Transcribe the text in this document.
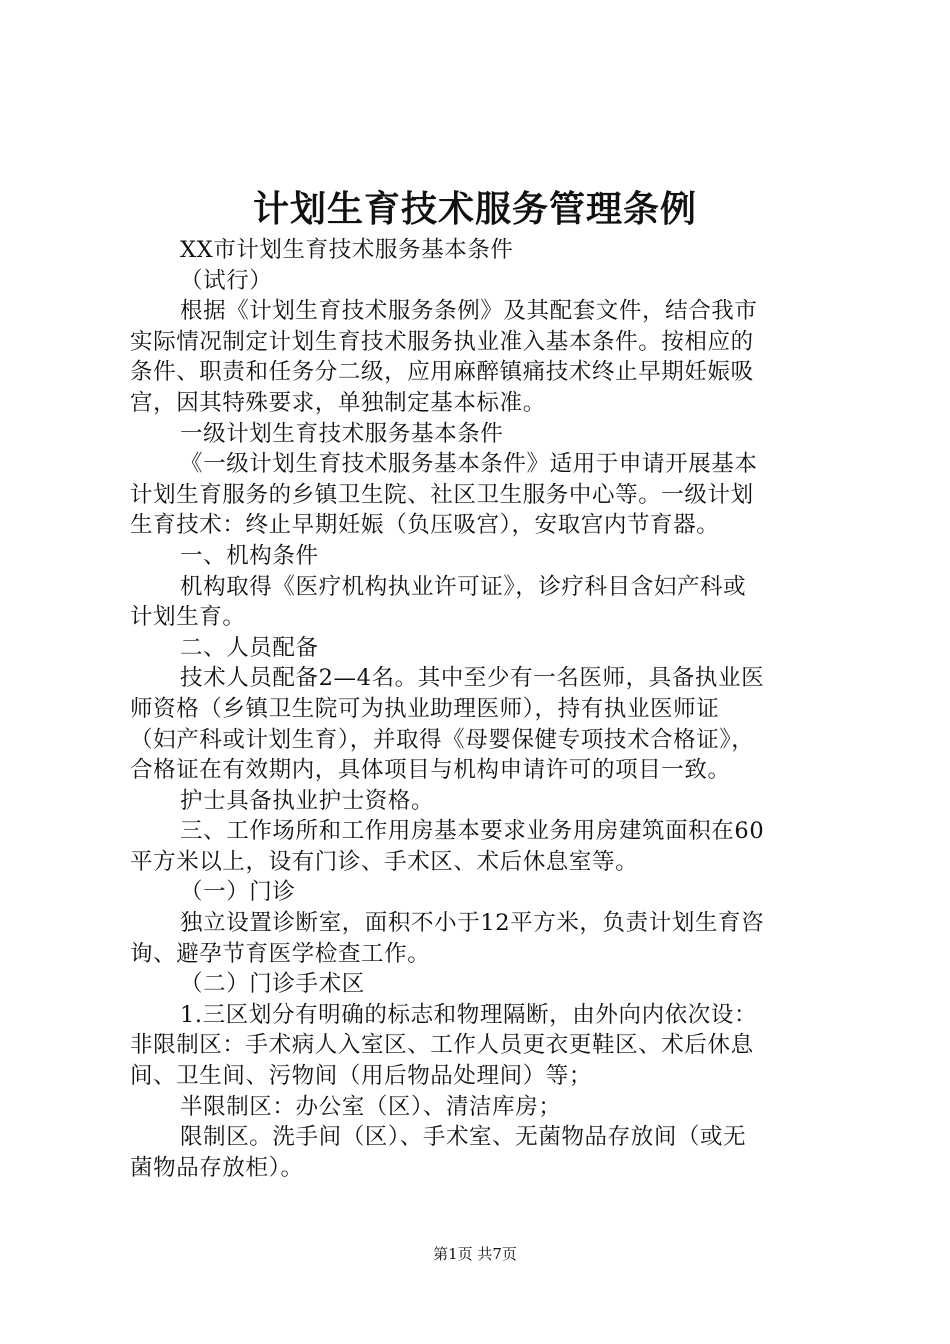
计划生育技术服务管理条例
XX市计划生育技术服务基本条件
（试行）
根据《计划生育技术服务条例》及其配套文件，结合我市
实际情况制定计划生育技术服务执业准入基本条件。按相应的
条件、职责和任务分二级，应用麻醉镇痛技术终止早期妊娠吸
宫，因其特殊要求，单独制定基本标准。
一级计划生育技术服务基本条件
《一级计划生育技术服务基本条件》适用于申请开展基本
计划生育服务的乡镇卫生院、社区卫生服务中心等。一级计划
生育技术：终止早期妊娠（负压吸宫），安取宫内节育器。
一、机构条件
机构取得《医疗机构执业许可证》，诊疗科目含妇产科或
计划生育。
二、人员配备
技术人员配备2—4名。其中至少有一名医师，具备执业医
师资格（乡镇卫生院可为执业助理医师），持有执业医师证
（妇产科或计划生育），并取得《母婴保健专项技术合格证》，
合格证在有效期内，具体项目与机构申请许可的项目一致。
护士具备执业护士资格。
三、工作场所和工作用房基本要求业务用房建筑面积在60
平方米以上，设有门诊、手术区、术后休息室等。
（一）门诊
独立设置诊断室，面积不小于12平方米，负责计划生育咨
询、避孕节育医学检查工作。
（二）门诊手术区
1.三区划分有明确的标志和物理隔断，由外向内依次设：
非限制区：手术病人入室区、工作人员更衣更鞋区、术后休息
间、卫生间、污物间（用后物品处理间）等；
半限制区：办公室（区）、清洁库房；
限制区。洗手间（区）、手术室、无菌物品存放间（或无
菌物品存放柜）。
第1页 共7页
